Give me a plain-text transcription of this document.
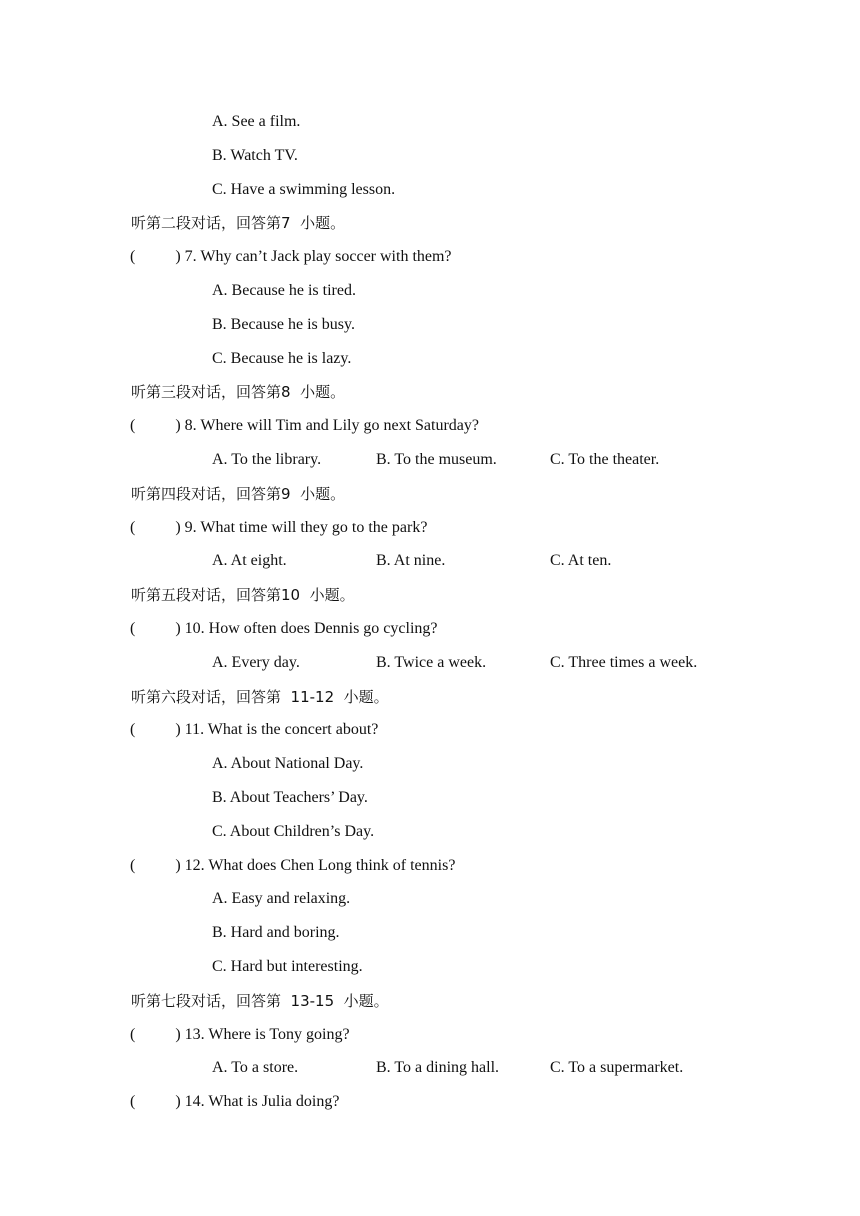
A. See a film.
B. Watch TV.
C. Have a swimming lesson.
听第二段对话，回答第7  小题。
(          ) 7. Why can’t Jack play soccer with them?
A. Because he is tired.
B. Because he is busy.
C. Because he is lazy.
听第三段对话，回答第8  小题。
(          ) 8. Where will Tim and Lily go next Saturday?
A. To the library.	B. To the museum.	C. To the theater.
听第四段对话，回答第9  小题。
(          ) 9. What time will they go to the park?
A. At eight.	B. At nine.	C. At ten.
听第五段对话，回答第10  小题。
(          ) 10. How often does Dennis go cycling?
A. Every day.	B. Twice a week.	C. Three times a week.
听第六段对话，回答第  11-12  小题。
(          ) 11. What is the concert about?
A. About National Day.
B. About Teachers’ Day.
C. About Children’s Day.
(          ) 12. What does Chen Long think of tennis?
A. Easy and relaxing.
B. Hard and boring.
C. Hard but interesting.
听第七段对话，回答第  13-15  小题。
(          ) 13. Where is Tony going?
A. To a store.	B. To a dining hall.	C. To a supermarket.
(          ) 14. What is Julia doing?
